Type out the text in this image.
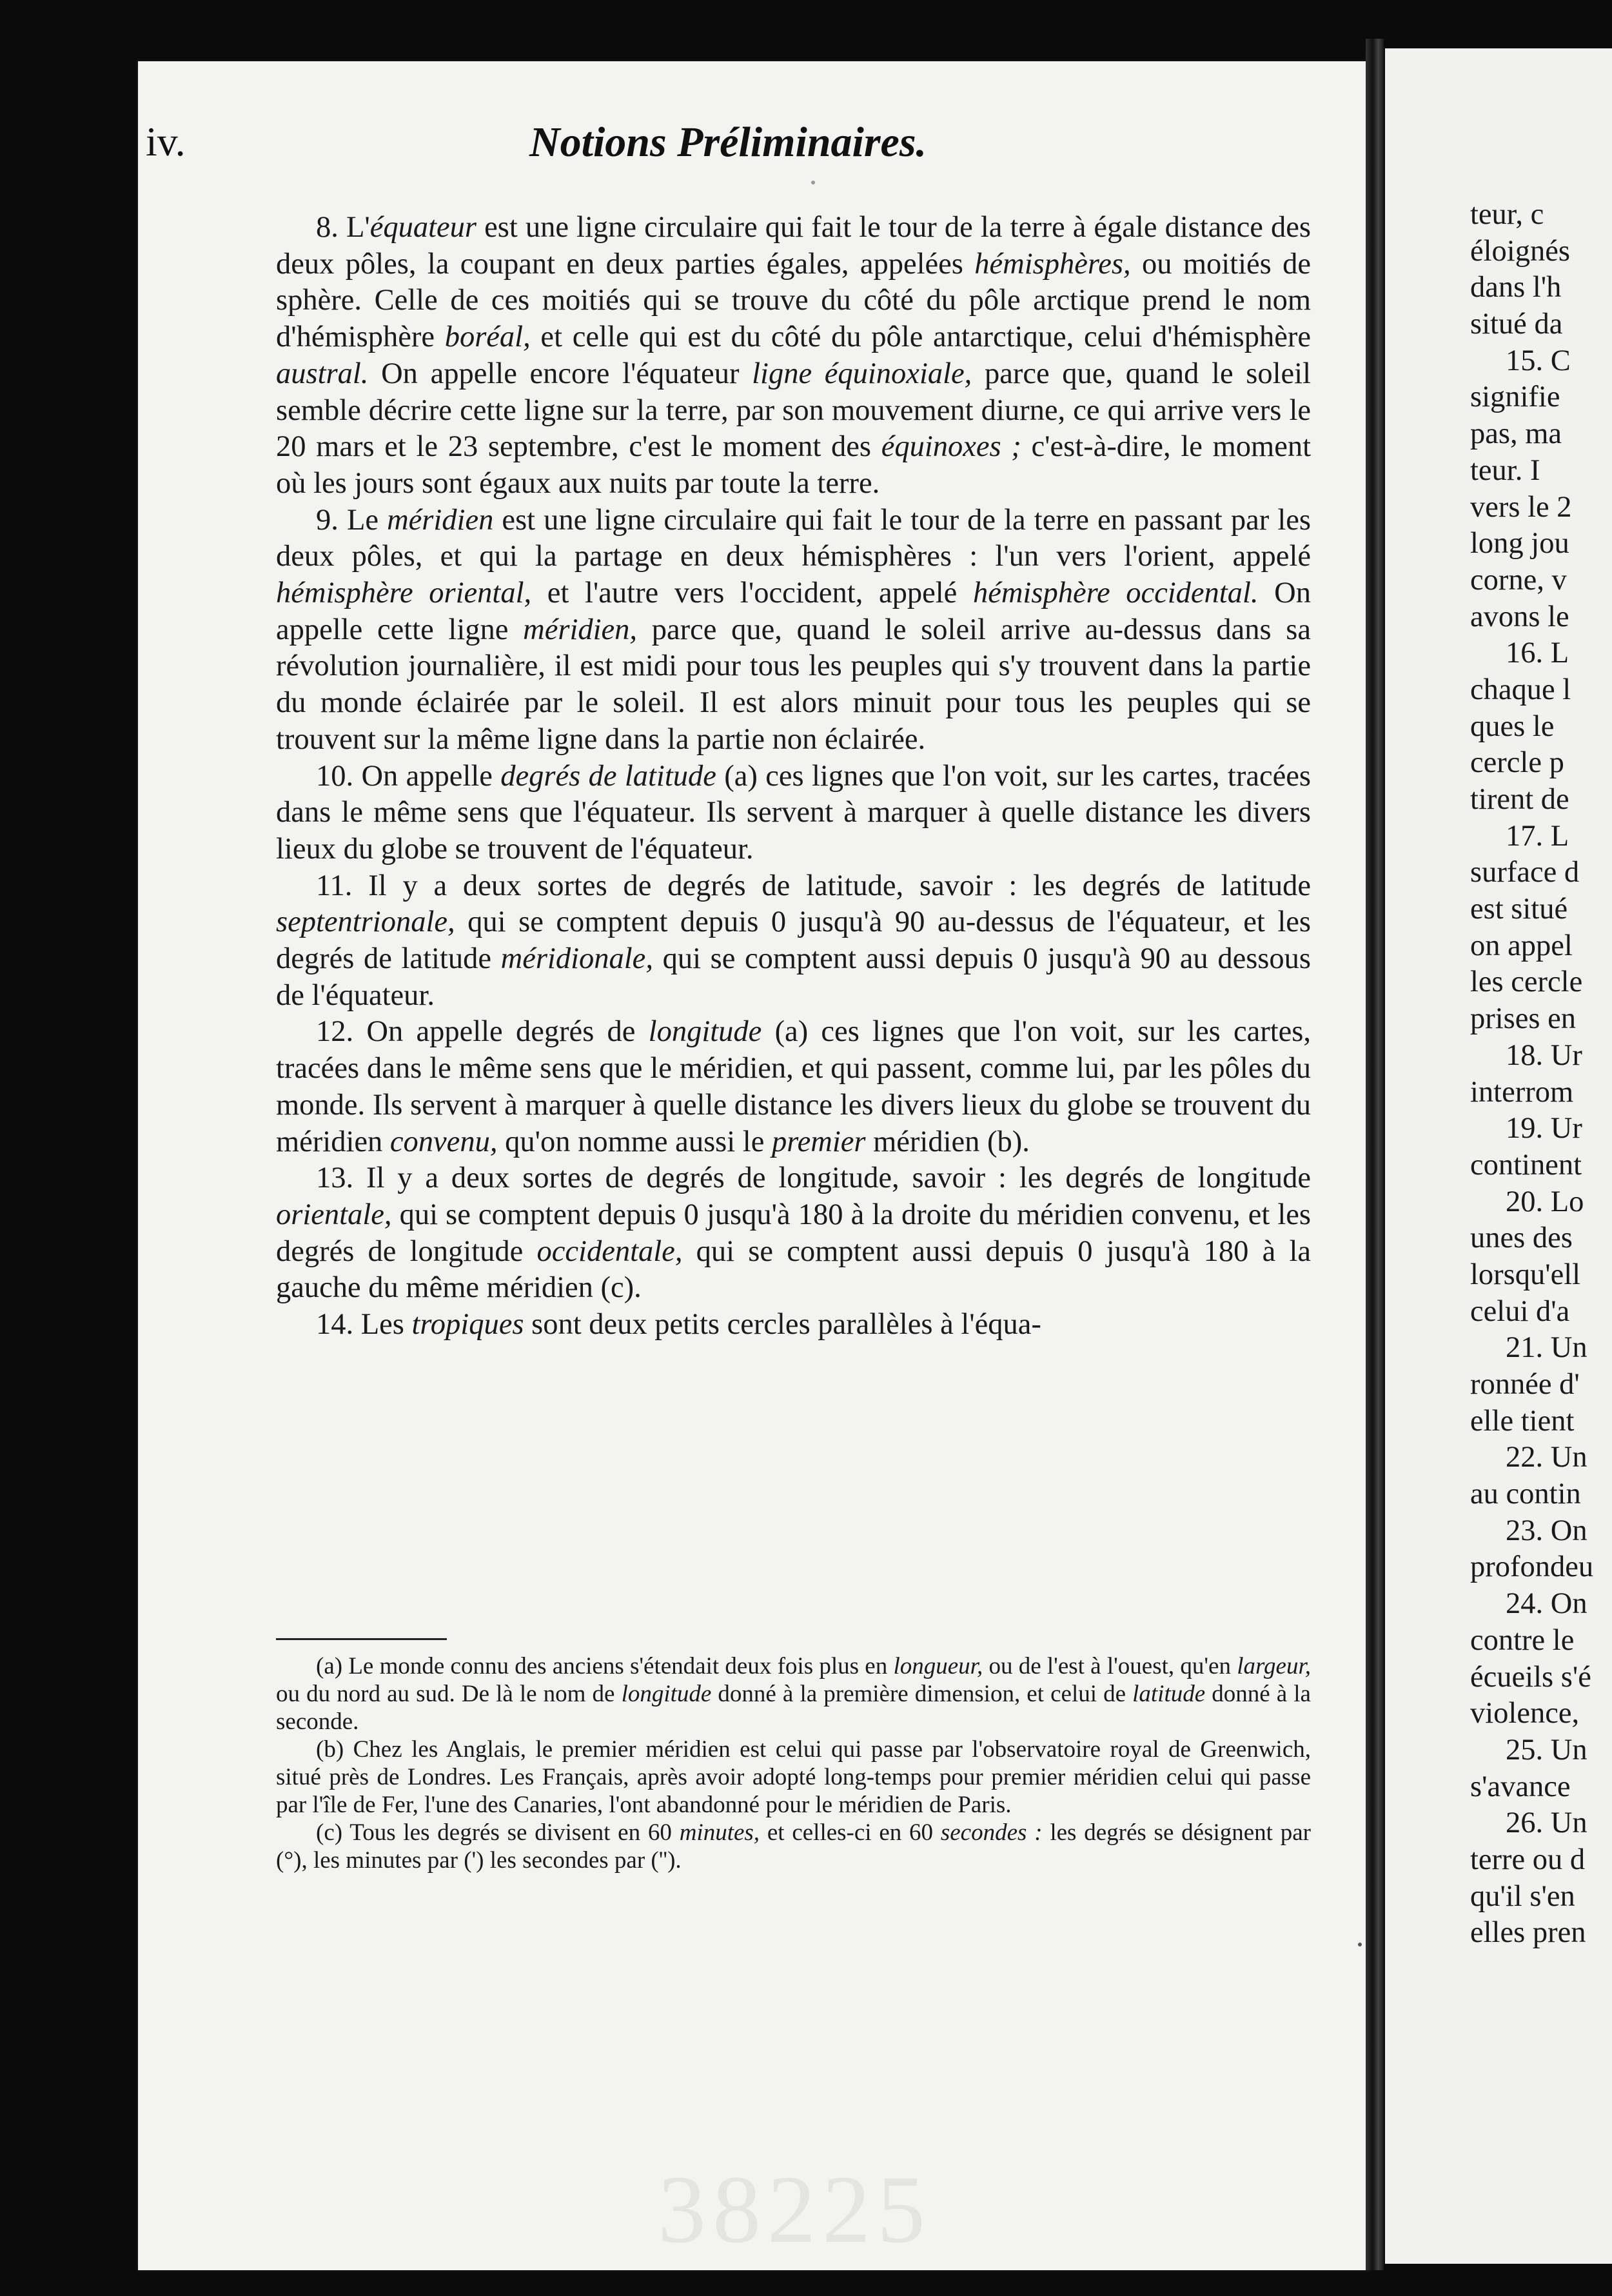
iv.	Notions Préliminaires.

8. L'équateur est une ligne circulaire qui fait le tour de la terre à égale distance des deux pôles, la coupant en deux parties égales, appelées hémisphères, ou moitiés de sphère. Celle de ces moitiés qui se trouve du côté du pôle arctique prend le nom d'hémisphère boréal, et celle qui est du côté du pôle antarctique, celui d'hémisphère austral. On appelle encore l'équateur ligne équinoxiale, parce que, quand le soleil semble décrire cette ligne sur la terre, par son mouvement diurne, ce qui arrive vers le 20 mars et le 23 septembre, c'est le moment des équinoxes ; c'est-à-dire, le moment où les jours sont égaux aux nuits par toute la terre.

9. Le méridien est une ligne circulaire qui fait le tour de la terre en passant par les deux pôles, et qui la partage en deux hémisphères : l'un vers l'orient, appelé hémisphère oriental, et l'autre vers l'occident, appelé hémisphère occidental. On appelle cette ligne méridien, parce que, quand le soleil arrive au-dessus dans sa révolution journalière, il est midi pour tous les peuples qui s'y trouvent dans la partie du monde éclairée par le soleil. Il est alors minuit pour tous les peuples qui se trouvent sur la même ligne dans la partie non éclairée.

10. On appelle degrés de latitude (a) ces lignes que l'on voit, sur les cartes, tracées dans le même sens que l'équateur. Ils servent à marquer à quelle distance les divers lieux du globe se trouvent de l'équateur.

11. Il y a deux sortes de degrés de latitude, savoir : les degrés de latitude septentrionale, qui se comptent depuis 0 jusqu'à 90 au-dessus de l'équateur, et les degrés de latitude méridionale, qui se comptent aussi depuis 0 jusqu'à 90 au dessous de l'équateur.

12. On appelle degrés de longitude (a) ces lignes que l'on voit, sur les cartes, tracées dans le même sens que le méridien, et qui passent, comme lui, par les pôles du monde. Ils servent à marquer à quelle distance les divers lieux du globe se trouvent du méridien convenu, qu'on nomme aussi le premier méridien (b).

13. Il y a deux sortes de degrés de longitude, savoir : les degrés de longitude orientale, qui se comptent depuis 0 jusqu'à 180 à la droite du méridien convenu, et les degrés de longitude occidentale, qui se comptent aussi depuis 0 jusqu'à 180 à la gauche du même méridien (c).

14. Les tropiques sont deux petits cercles parallèles à l'équa-

(a) Le monde connu des anciens s'étendait deux fois plus en longueur, ou de l'est à l'ouest, qu'en largeur, ou du nord au sud. De là le nom de longitude donné à la première dimension, et celui de latitude donné à la seconde.

(b) Chez les Anglais, le premier méridien est celui qui passe par l'observatoire royal de Greenwich, situé près de Londres. Les Français, après avoir adopté long-temps pour premier méridien celui qui passe par l'île de Fer, l'une des Canaries, l'ont abandonné pour le méridien de Paris.

(c) Tous les degrés se divisent en 60 minutes, et celles-ci en 60 secondes : les degrés se désignent par (°), les minutes par (') les secondes par ('').

38225
teur, c
éloignés
dans l'h
situé da
15. C
signifie
pas, ma
teur. I
vers le 2
long jou
corne, v
avons le
16. L
chaque l
ques le
cercle p
tirent de
17. L
surface d
est situé
on appel
les cercle
prises en
18. Ur
interrom
19. Ur
continent
20. Lo
unes des
lorsqu'ell
celui d'a
21. Un
ronnée d'
elle tient
22. Un
au contin
23. On
profondeu
24. On
contre le
écueils s'é
violence,
25. Un
s'avance
26. Un
terre ou d
qu'il s'en
elles pren
